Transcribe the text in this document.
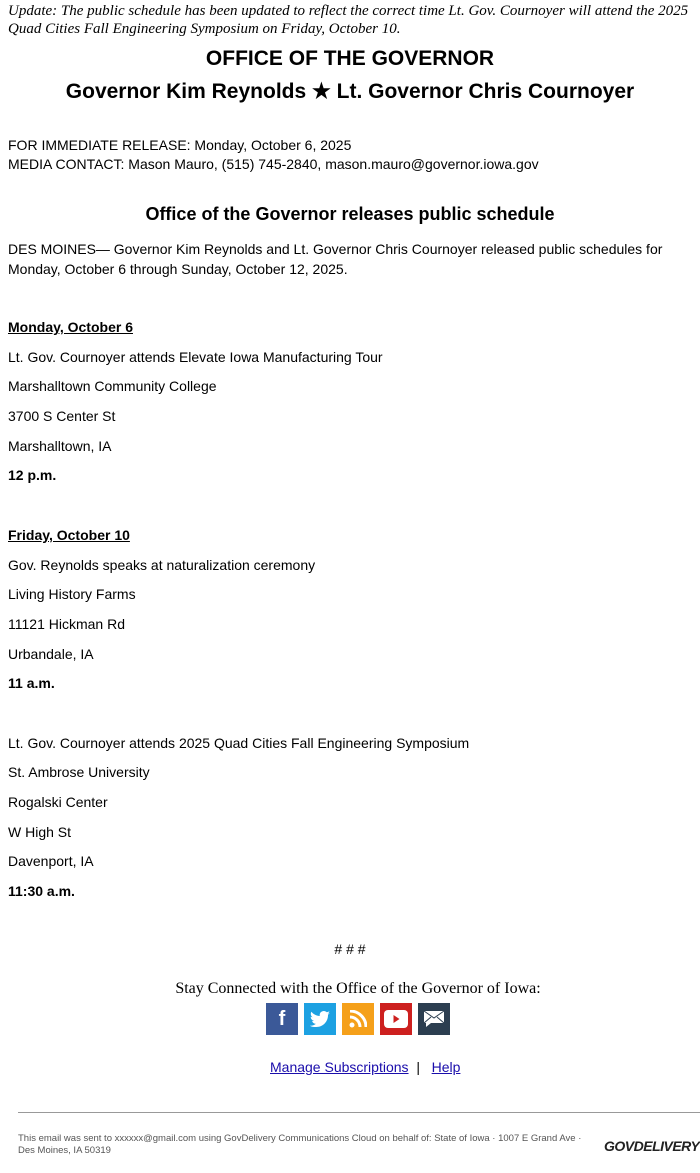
Update: The public schedule has been updated to reflect the correct time Lt. Gov. Cournoyer will attend the 2025 Quad Cities Fall Engineering Symposium on Friday, October 10.
OFFICE OF THE GOVERNOR
Governor Kim Reynolds ★ Lt. Governor Chris Cournoyer
FOR IMMEDIATE RELEASE: Monday, October 6, 2025
MEDIA CONTACT: Mason Mauro, (515) 745-2840, mason.mauro@governor.iowa.gov
Office of the Governor releases public schedule
DES MOINES— Governor Kim Reynolds and Lt. Governor Chris Cournoyer released public schedules for Monday, October 6 through Sunday, October 12, 2025.
Monday, October 6
Lt. Gov. Cournoyer attends Elevate Iowa Manufacturing Tour
Marshalltown Community College
3700 S Center St
Marshalltown, IA
12 p.m.
Friday, October 10
Gov. Reynolds speaks at naturalization ceremony
Living History Farms
11121 Hickman Rd
Urbandale, IA
11 a.m.
Lt. Gov. Cournoyer attends 2025 Quad Cities Fall Engineering Symposium
St. Ambrose University
Rogalski Center
W High St
Davenport, IA
11:30 a.m.
# # #
Stay Connected with the Office of the Governor of Iowa:
f
Manage Subscriptions | Help
This email was sent to xxxxxx@gmail.com using GovDelivery Communications Cloud on behalf of: State of Iowa · 1007 E Grand Ave · Des Moines, IA 50319	GOVDELIVERY
